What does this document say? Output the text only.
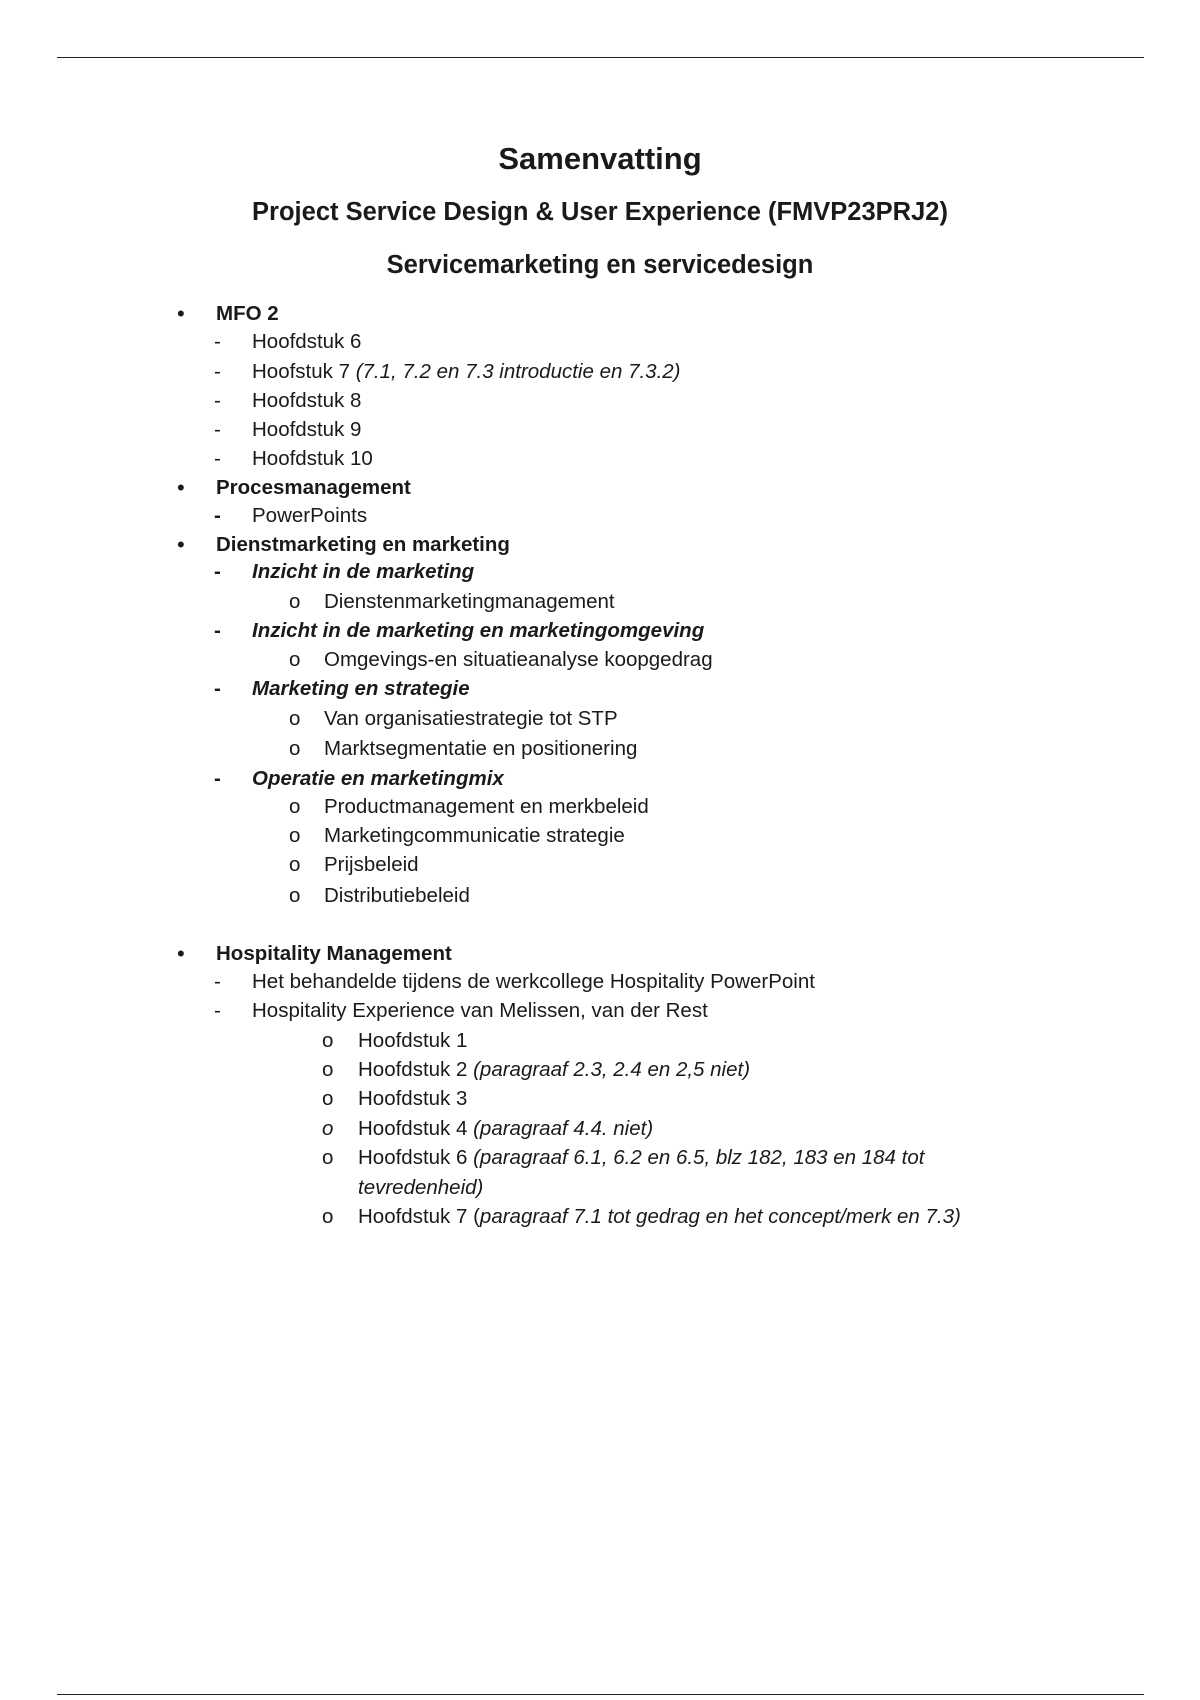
Samenvatting
Project Service Design & User Experience (FMVP23PRJ2)
Servicemarketing en servicedesign
• MFO 2
- Hoofdstuk 6
- Hoofstuk 7 (7.1, 7.2 en 7.3 introductie en 7.3.2)
- Hoofdstuk 8
- Hoofdstuk 9
- Hoofdstuk 10
• Procesmanagement
- PowerPoints
• Dienstmarketing en marketing
- Inzicht in de marketing
o Dienstenmarketingmanagement
- Inzicht in de marketing en marketingomgeving
o Omgevings-en situatieanalyse koopgedrag
- Marketing en strategie
o Van organisatiestrategie tot STP
o Marktsegmentatie en positionering
- Operatie en marketingmix
o Productmanagement en merkbeleid
o Marketingcommunicatie strategie
o Prijsbeleid
o Distributiebeleid
• Hospitality Management
- Het behandelde tijdens de werkcollege Hospitality PowerPoint
- Hospitality Experience van Melissen, van der Rest
o Hoofdstuk 1
o Hoofdstuk 2 (paragraaf 2.3, 2.4 en 2,5 niet)
o Hoofdstuk 3
o Hoofdstuk 4 (paragraaf 4.4. niet)
o Hoofdstuk 6 (paragraaf 6.1, 6.2 en 6.5, blz 182, 183 en 184 tot
tevredenheid)
o Hoofdstuk 7 (paragraaf 7.1 tot gedrag en het concept/merk en 7.3)
